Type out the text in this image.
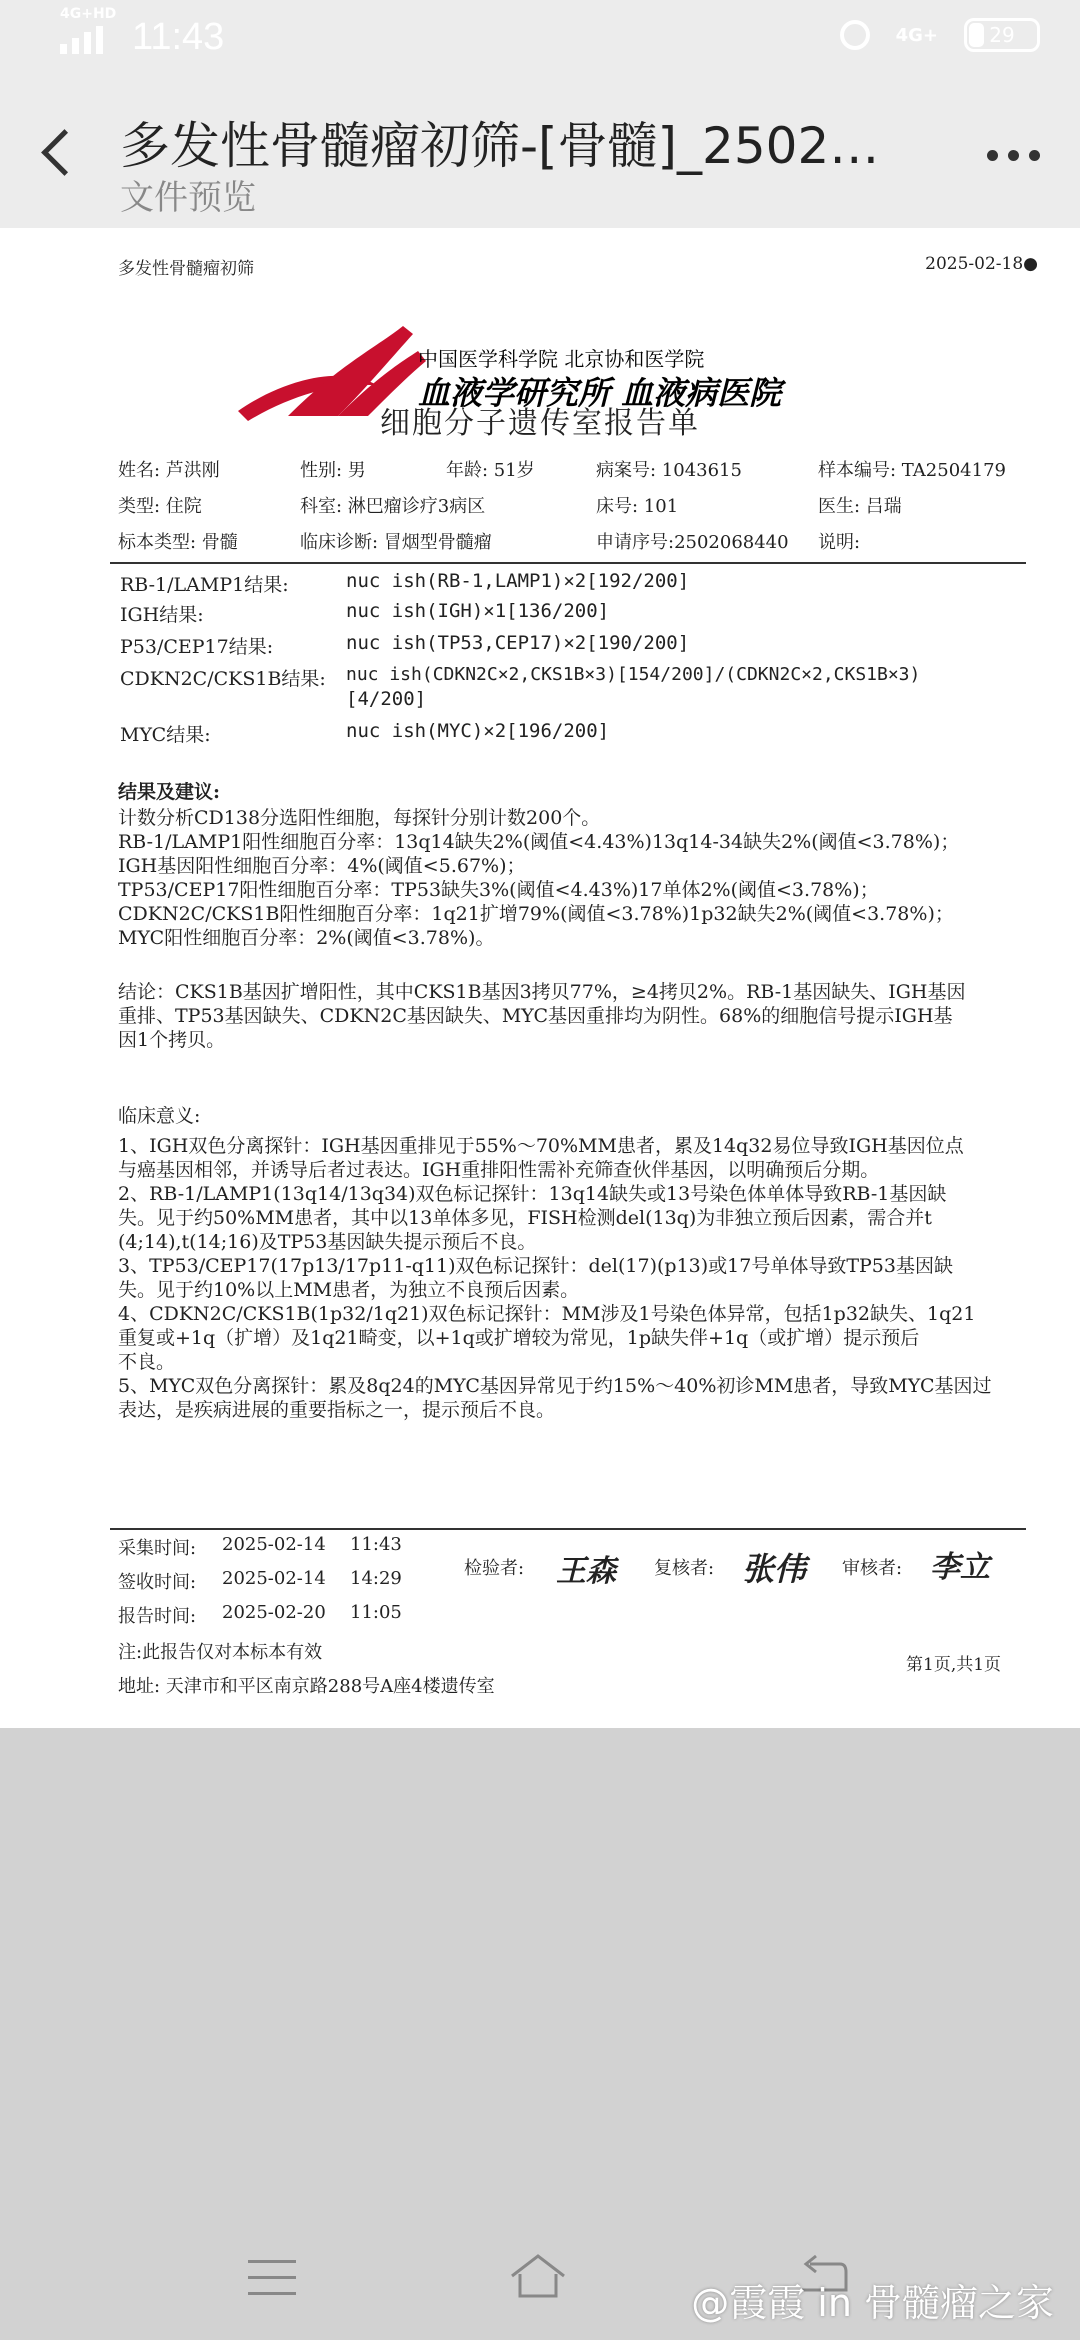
4G+HD
11:43	4G+	29
多发性骨髓瘤初筛-[骨髓]_2502…
文件预览
多发性骨髓瘤初筛	2025-02-18●
中国医学科学院 北京协和医学院
血液学研究所 血液病医院
细胞分子遗传室报告单
姓名: 芦洪刚	性别: 男	年龄: 51岁	病案号: 1043615	样本编号: TA2504179
类型: 住院	科室: 淋巴瘤诊疗3病区	床号: 101	医生: 吕瑞
标本类型: 骨髓	临床诊断: 冒烟型骨髓瘤	申请序号:2502068440 说明:
RB-1/LAMP1结果:	nuc ish(RB-1,LAMP1)×2[192/200]
IGH结果:	nuc ish(IGH)×1[136/200]
P53/CEP17结果:	nuc ish(TP53,CEP17)×2[190/200]
CDKN2C/CKS1B结果: nuc ish(CDKN2C×2,CKS1B×3)[154/200]/(CDKN2C×2,CKS1B×3)
[4/200]
MYC结果:	nuc ish(MYC)×2[196/200]
结果及建议:
计数分析CD138分选阳性细胞，每探针分别计数200个。
RB-1/LAMP1阳性细胞百分率：13q14缺失2%(阈值<4.43%)13q14-34缺失2%(阈值<3.78%)；
IGH基因阳性细胞百分率：4%(阈值<5.67%)；
TP53/CEP17阳性细胞百分率：TP53缺失3%(阈值<4.43%)17单体2%(阈值<3.78%)；
CDKN2C/CKS1B阳性细胞百分率：1q21扩增79%(阈值<3.78%)1p32缺失2%(阈值<3.78%)；
MYC阳性细胞百分率：2%(阈值<3.78%)。
结论：CKS1B基因扩增阳性，其中CKS1B基因3拷贝77%，≥4拷贝2%。RB-1基因缺失、IGH基因
重排、TP53基因缺失、CDKN2C基因缺失、MYC基因重排均为阴性。68%的细胞信号提示IGH基
因1个拷贝。
临床意义:
1、IGH双色分离探针：IGH基因重排见于55%～70%MM患者，累及14q32易位导致IGH基因位点
与癌基因相邻，并诱导后者过表达。IGH重排阳性需补充筛查伙伴基因，以明确预后分期。
2、RB-1/LAMP1(13q14/13q34)双色标记探针：13q14缺失或13号染色体单体导致RB-1基因缺
失。见于约50%MM患者，其中以13单体多见，FISH检测del(13q)为非独立预后因素，需合并t
(4;14),t(14;16)及TP53基因缺失提示预后不良。
3、TP53/CEP17(17p13/17p11-q11)双色标记探针：del(17)(p13)或17号单体导致TP53基因缺
失。见于约10%以上MM患者，为独立不良预后因素。
4、CDKN2C/CKS1B(1p32/1q21)双色标记探针：MM涉及1号染色体异常，包括1p32缺失、1q21
重复或+1q（扩增）及1q21畸变，以+1q或扩增较为常见，1p缺失伴+1q（或扩增）提示预后
不良。
5、MYC双色分离探针：累及8q24的MYC基因异常见于约15%～40%初诊MM患者，导致MYC基因过
表达，是疾病进展的重要指标之一，提示预后不良。
采集时间: 2025-02-14 11:43
签收时间: 2025-02-14 14:29
报告时间: 2025-02-20 11:05
检验者: 王森 复核者: 张伟 审核者: 李立
注:此报告仅对本标本有效
第1页,共1页
地址: 天津市和平区南京路288号A座4楼遗传室
@霞霞 in 骨髓瘤之家
